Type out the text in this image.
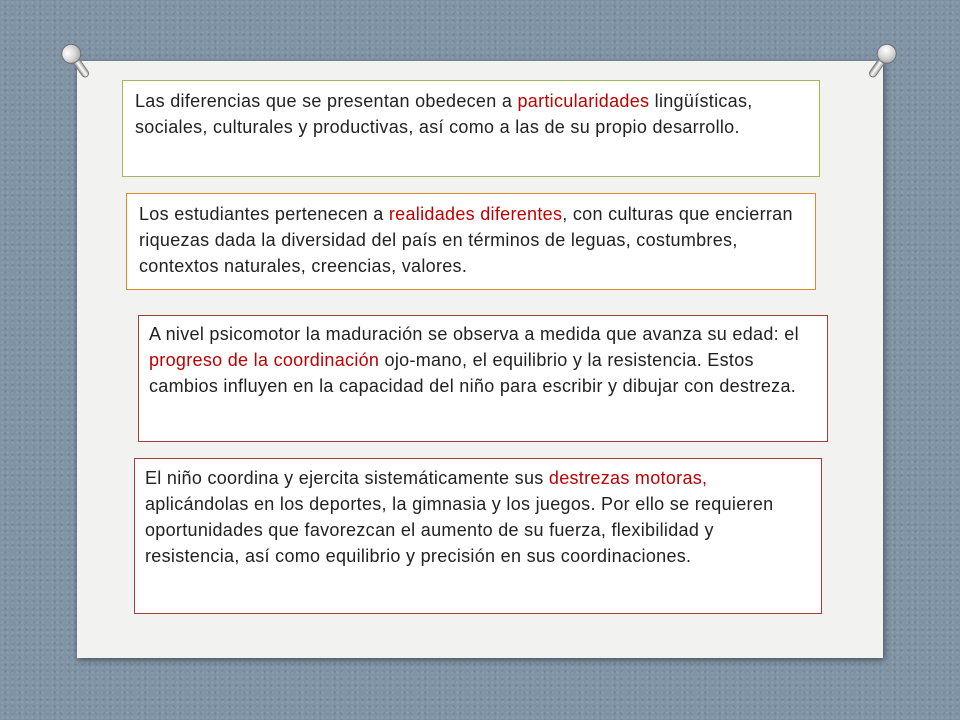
Las diferencias que se presentan obedecen a particularidades lingüísticas, sociales, culturales y productivas, así como a las de su propio desarrollo.

Los estudiantes pertenecen a realidades diferentes, con culturas que encierran riquezas dada la diversidad del país en términos de leguas, costumbres, contextos naturales, creencias, valores.

A nivel psicomotor la maduración se observa a medida que avanza su edad: el progreso de la coordinación ojo-mano, el equilibrio y la resistencia. Estos cambios influyen en la capacidad del niño para escribir y dibujar con destreza.

El niño coordina y ejercita sistemáticamente sus destrezas motoras, aplicándolas en los deportes, la gimnasia y los juegos. Por ello se requieren oportunidades que favorezcan el aumento de su fuerza, flexibilidad y resistencia, así como equilibrio y precisión en sus coordinaciones.
